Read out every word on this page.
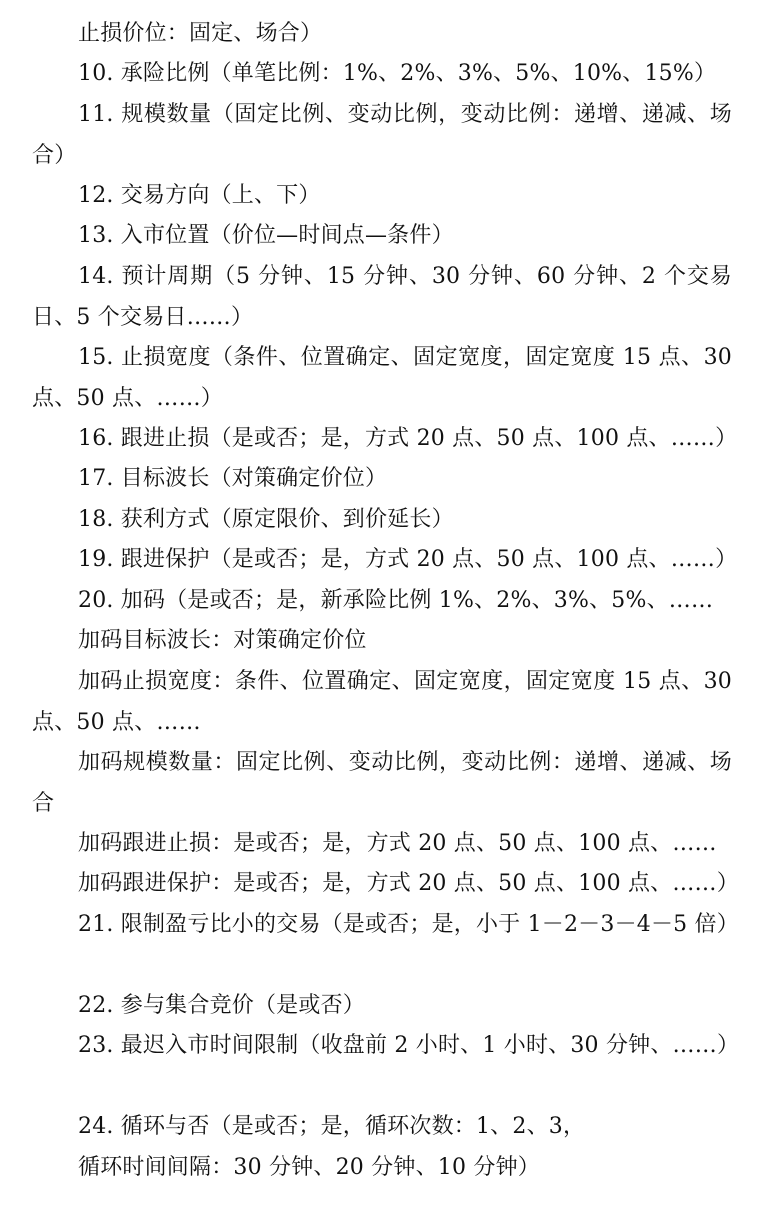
止损价位：固定、场合）

10. 承险比例（单笔比例：1%、2%、3%、5%、10%、15%）

11. 规模数量（固定比例、变动比例，变动比例：递增、递减、场合）

12. 交易方向（上、下）

13. 入市位置（价位—时间点—条件）

14. 预计周期（5 分钟、15 分钟、30 分钟、60 分钟、2 个交易日、5 个交易日……）

15. 止损宽度（条件、位置确定、固定宽度，固定宽度 15 点、30 点、50 点、……）

16. 跟进止损（是或否；是，方式 20 点、50 点、100 点、……）

17. 目标波长（对策确定价位）

18. 获利方式（原定限价、到价延长）

19. 跟进保护（是或否；是，方式 20 点、50 点、100 点、……）

20. 加码（是或否；是，新承险比例 1%、2%、3%、5%、……

加码目标波长：对策确定价位

加码止损宽度：条件、位置确定、固定宽度，固定宽度 15 点、30 点、50 点、……

加码规模数量：固定比例、变动比例，变动比例：递增、递减、场合

加码跟进止损：是或否；是，方式 20 点、50 点、100 点、……

加码跟进保护：是或否；是，方式 20 点、50 点、100 点、……）

21. 限制盈亏比小的交易（是或否；是，小于 1－2－3－4－5 倍）

22. 参与集合竞价（是或否）

23. 最迟入市时间限制（收盘前 2 小时、1 小时、30 分钟、……）

24. 循环与否（是或否；是，循环次数：1、2、3，

循环时间间隔：30 分钟、20 分钟、10 分钟）
